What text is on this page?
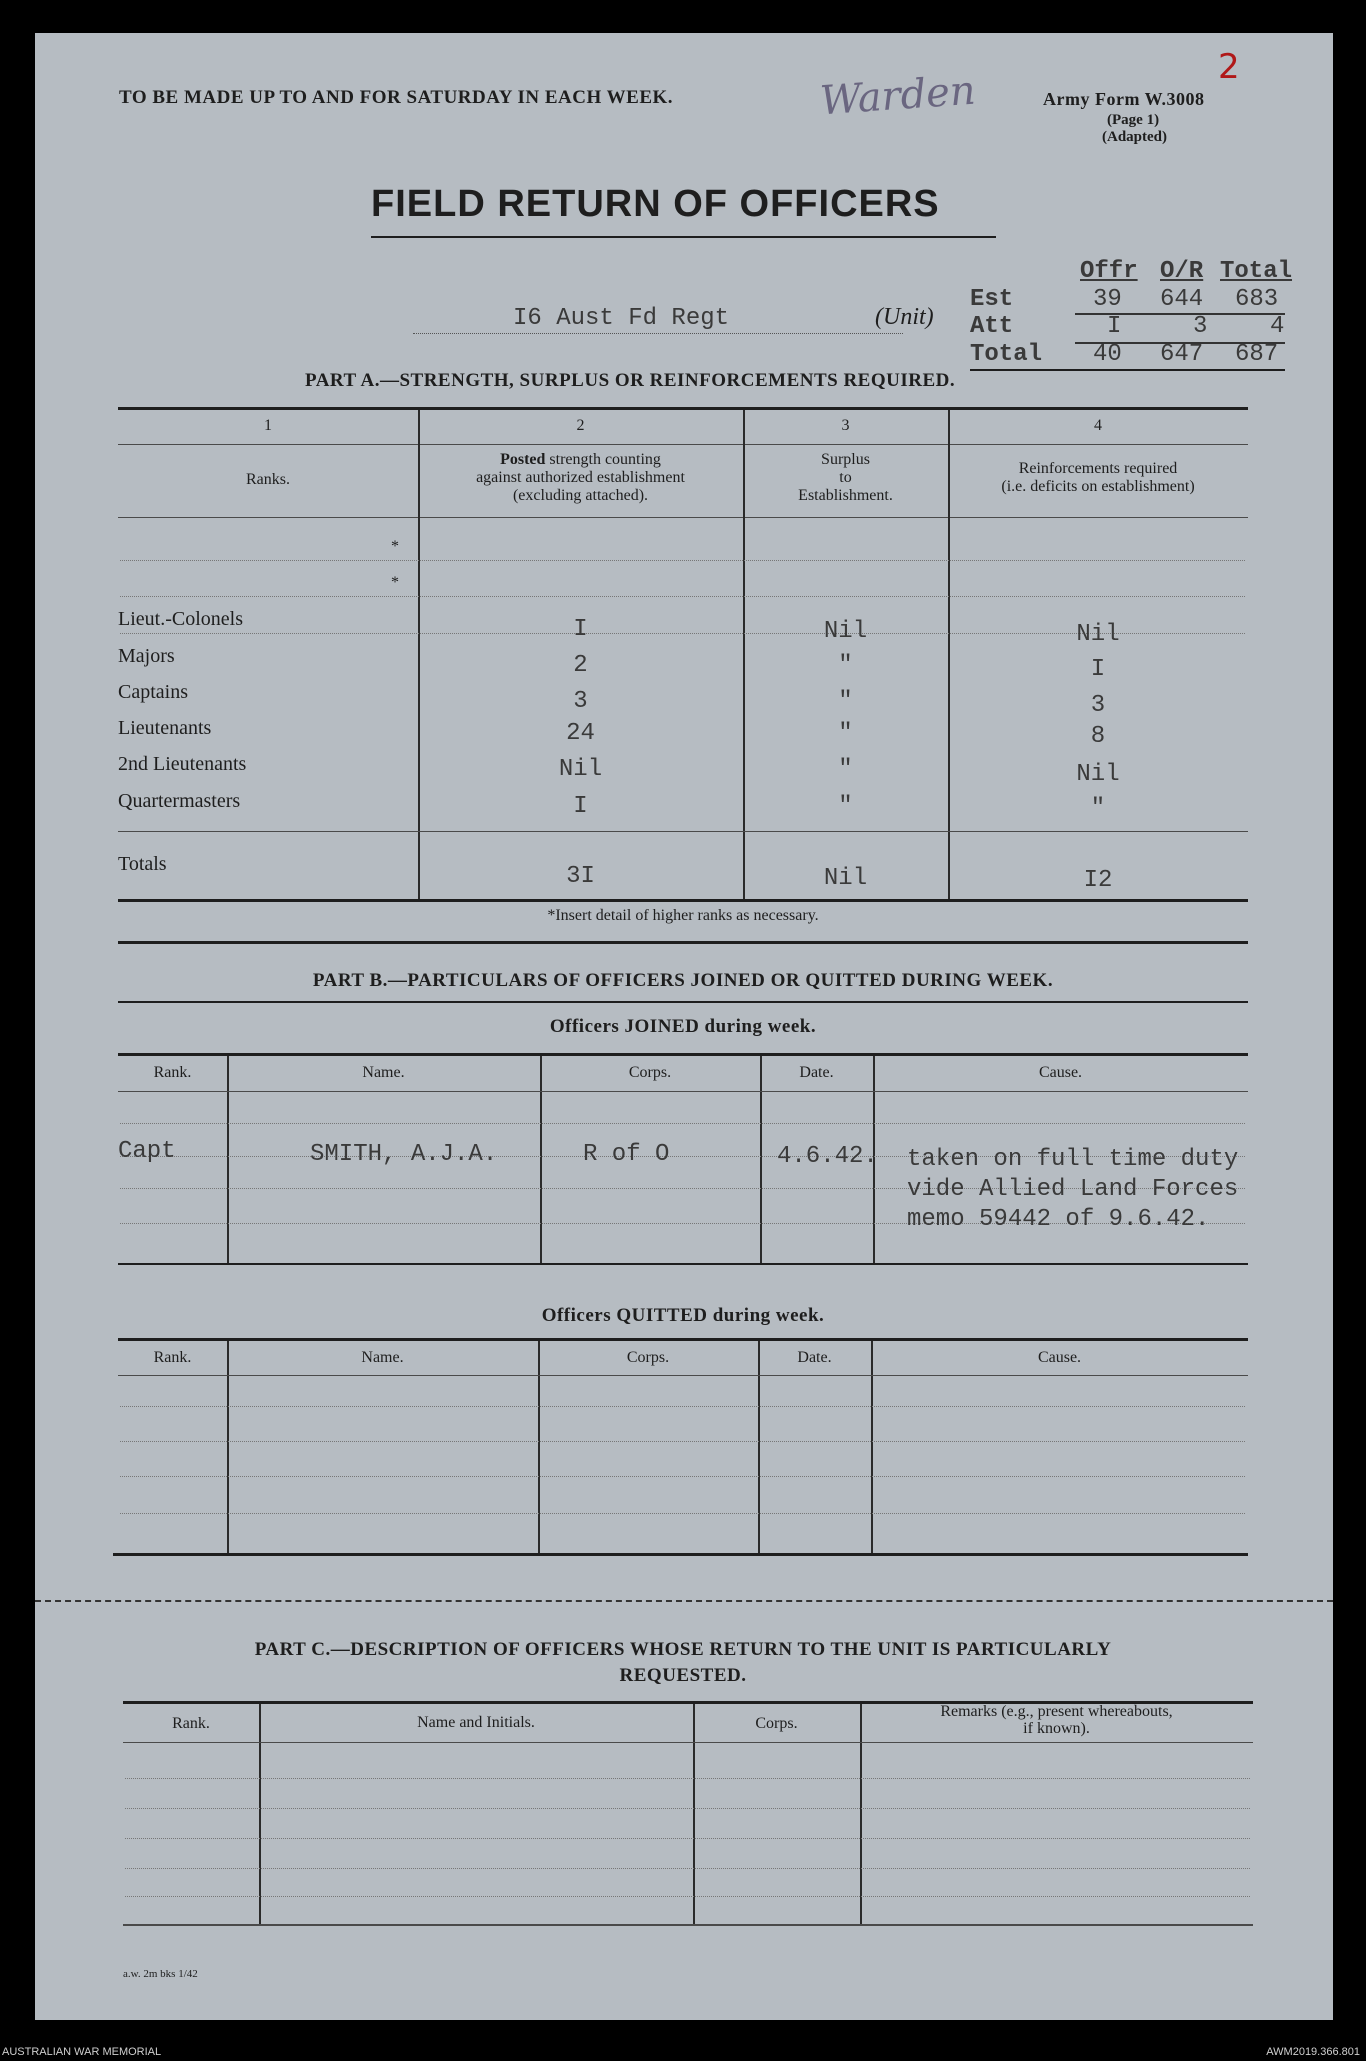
TO BE MADE UP TO AND FOR SATURDAY IN EACH WEEK.	Warden
2
Army Form W.3008
(Page 1)
(Adapted)
FIELD RETURN OF OFFICERS
I6 Aust Fd Regt	(Unit)
Offr O/R Total
Est	39 644 683
Att	I	3	4
Total 40 647 687
PART A.—STRENGTH, SURPLUS OR REINFORCEMENTS REQUIRED.
1	2	3	4
Ranks.
Posted strength counting
against authorized establishment
(excluding attached).
Surplus
to
Establishment.
Reinforcements required
(i.e. deficits on establishment)
*
*
Lieut.-Colonels	I	Nil	Nil
Majors	2	"	I
Captains	3	"	3
Lieutenants	24	"	8
2nd Lieutenants	Nil	"	Nil
Quartermasters	I	"	"
Totals	3I	Nil	I2
*Insert detail of higher ranks as necessary.
PART B.—PARTICULARS OF OFFICERS JOINED OR QUITTED DURING WEEK.
Officers JOINED during week.
Rank.	Name.	Corps.	Date.	Cause.
Capt	SMITH, A.J.A.	R of O	4.6.42. taken on full time duty
vide Allied Land Forces
memo 59442 of 9.6.42.
Officers QUITTED during week.
Rank.	Name.	Corps.	Date.	Cause.
PART C.—DESCRIPTION OF OFFICERS WHOSE RETURN TO THE UNIT IS PARTICULARLY
REQUESTED.
Rank.	Name and Initials.	Corps.
Remarks (e.g., present whereabouts,
if known).
a.w. 2m bks 1/42
AUSTRALIAN WAR MEMORIAL	AWM2019.366.801
